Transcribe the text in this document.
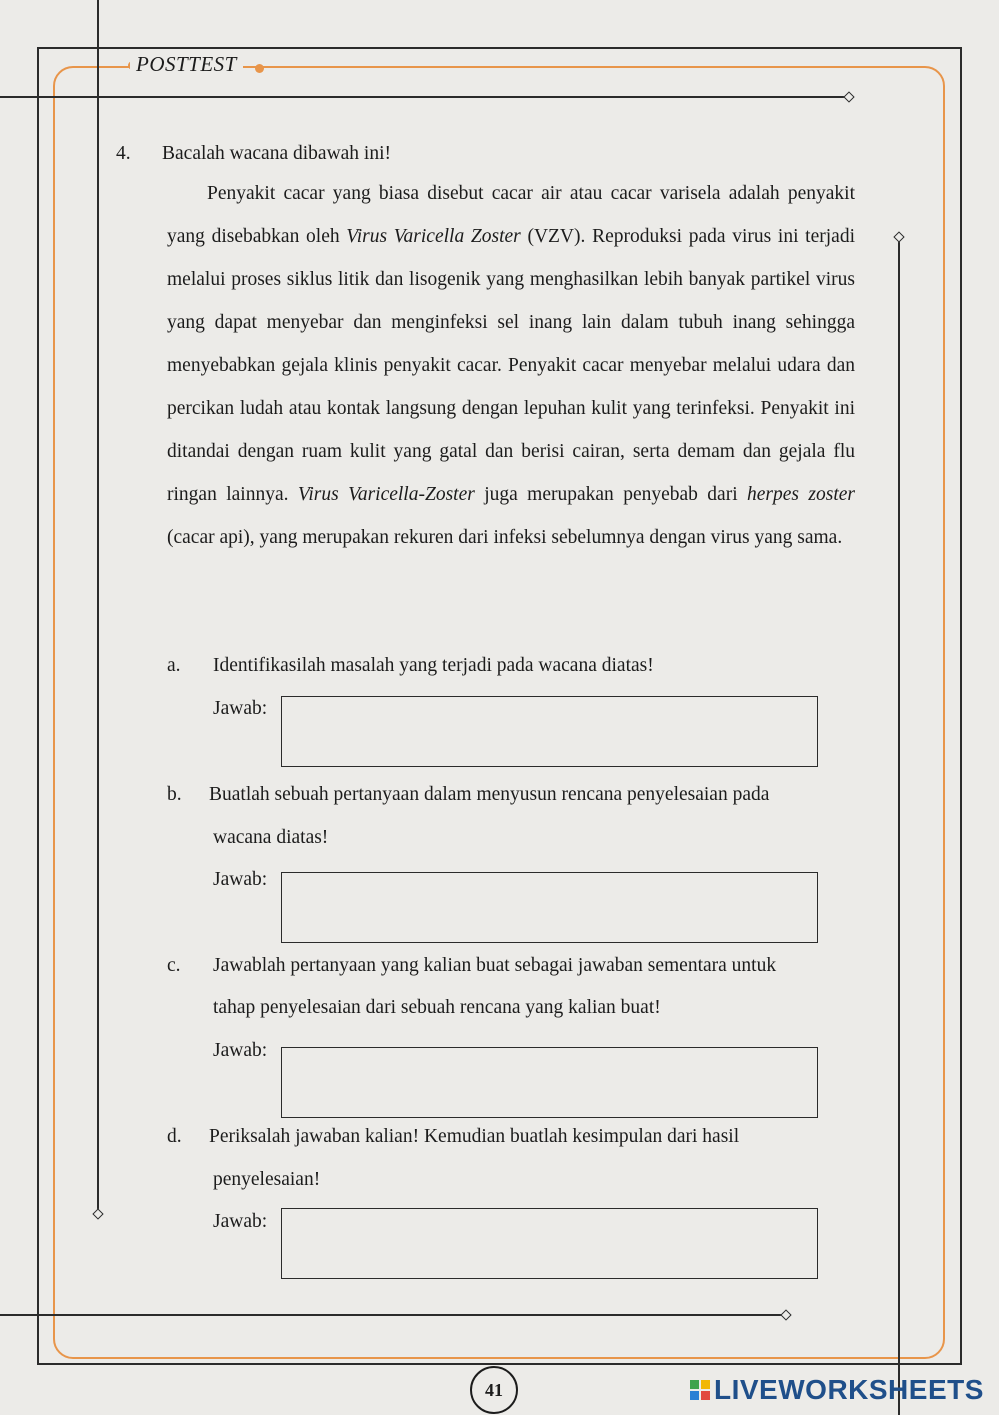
POSTTEST
4. Bacalah wacana dibawah ini!
Penyakit cacar yang biasa disebut cacar air atau cacar varisela adalah penyakit yang disebabkan oleh Virus Varicella Zoster (VZV). Reproduksi pada virus ini terjadi melalui proses siklus litik dan lisogenik yang menghasilkan lebih banyak partikel virus yang dapat menyebar dan menginfeksi sel inang lain dalam tubuh inang sehingga menyebabkan gejala klinis penyakit cacar. Penyakit cacar menyebar melalui udara dan percikan ludah atau kontak langsung dengan lepuhan kulit yang terinfeksi. Penyakit ini ditandai dengan ruam kulit yang gatal dan berisi cairan, serta demam dan gejala flu ringan lainnya. Virus Varicella-Zoster juga merupakan penyebab dari herpes zoster (cacar api), yang merupakan rekuren dari infeksi sebelumnya dengan virus yang sama.
a. Identifikasilah masalah yang terjadi pada wacana diatas!
Jawab:
b. Buatlah sebuah pertanyaan dalam menyusun rencana penyelesaian pada
wacana diatas!
Jawab:
c. Jawablah pertanyaan yang kalian buat sebagai jawaban sementara untuk
tahap penyelesaian dari sebuah rencana yang kalian buat!
Jawab:
d. Periksalah jawaban kalian! Kemudian buatlah kesimpulan dari hasil
penyelesaian!
Jawab:
41	LIVEWORKSHEETS
